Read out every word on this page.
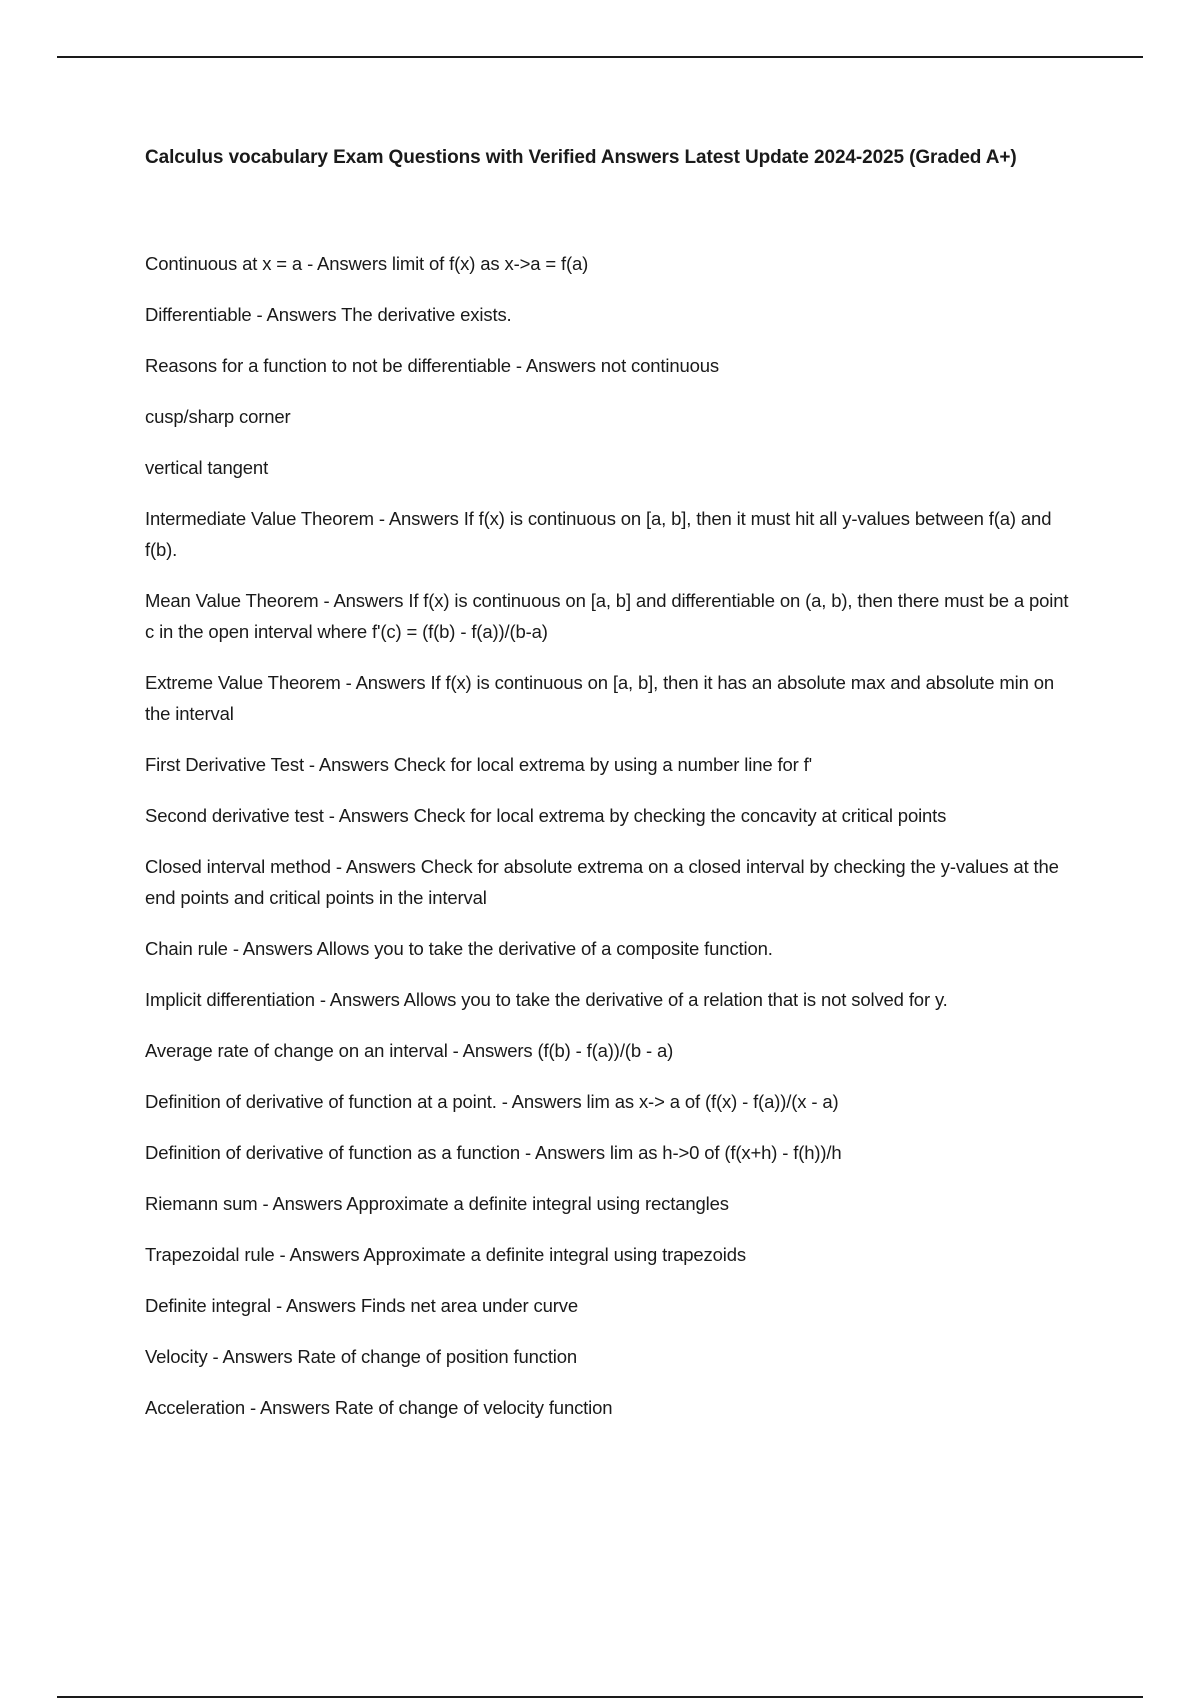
Calculus vocabulary Exam Questions with Verified Answers Latest Update 2024-2025 (Graded A+)
Continuous at x = a - Answers limit of f(x) as x->a = f(a)
Differentiable - Answers The derivative exists.
Reasons for a function to not be differentiable - Answers not continuous
cusp/sharp corner
vertical tangent
Intermediate Value Theorem - Answers If f(x) is continuous on [a, b], then it must hit all y-values between f(a) and f(b).
Mean Value Theorem - Answers If f(x) is continuous on [a, b] and differentiable on (a, b), then there must be a point c in the open interval where f'(c) = (f(b) - f(a))/(b-a)
Extreme Value Theorem - Answers If f(x) is continuous on [a, b], then it has an absolute max and absolute min on the interval
First Derivative Test - Answers Check for local extrema by using a number line for f'
Second derivative test - Answers Check for local extrema by checking the concavity at critical points
Closed interval method - Answers Check for absolute extrema on a closed interval by checking the y-values at the end points and critical points in the interval
Chain rule - Answers Allows you to take the derivative of a composite function.
Implicit differentiation - Answers Allows you to take the derivative of a relation that is not solved for y.
Average rate of change on an interval - Answers (f(b) - f(a))/(b - a)
Definition of derivative of function at a point. - Answers lim as x-> a of (f(x) - f(a))/(x - a)
Definition of derivative of function as a function - Answers lim as h->0 of (f(x+h) - f(h))/h
Riemann sum - Answers Approximate a definite integral using rectangles
Trapezoidal rule - Answers Approximate a definite integral using trapezoids
Definite integral - Answers Finds net area under curve
Velocity - Answers Rate of change of position function
Acceleration - Answers Rate of change of velocity function
